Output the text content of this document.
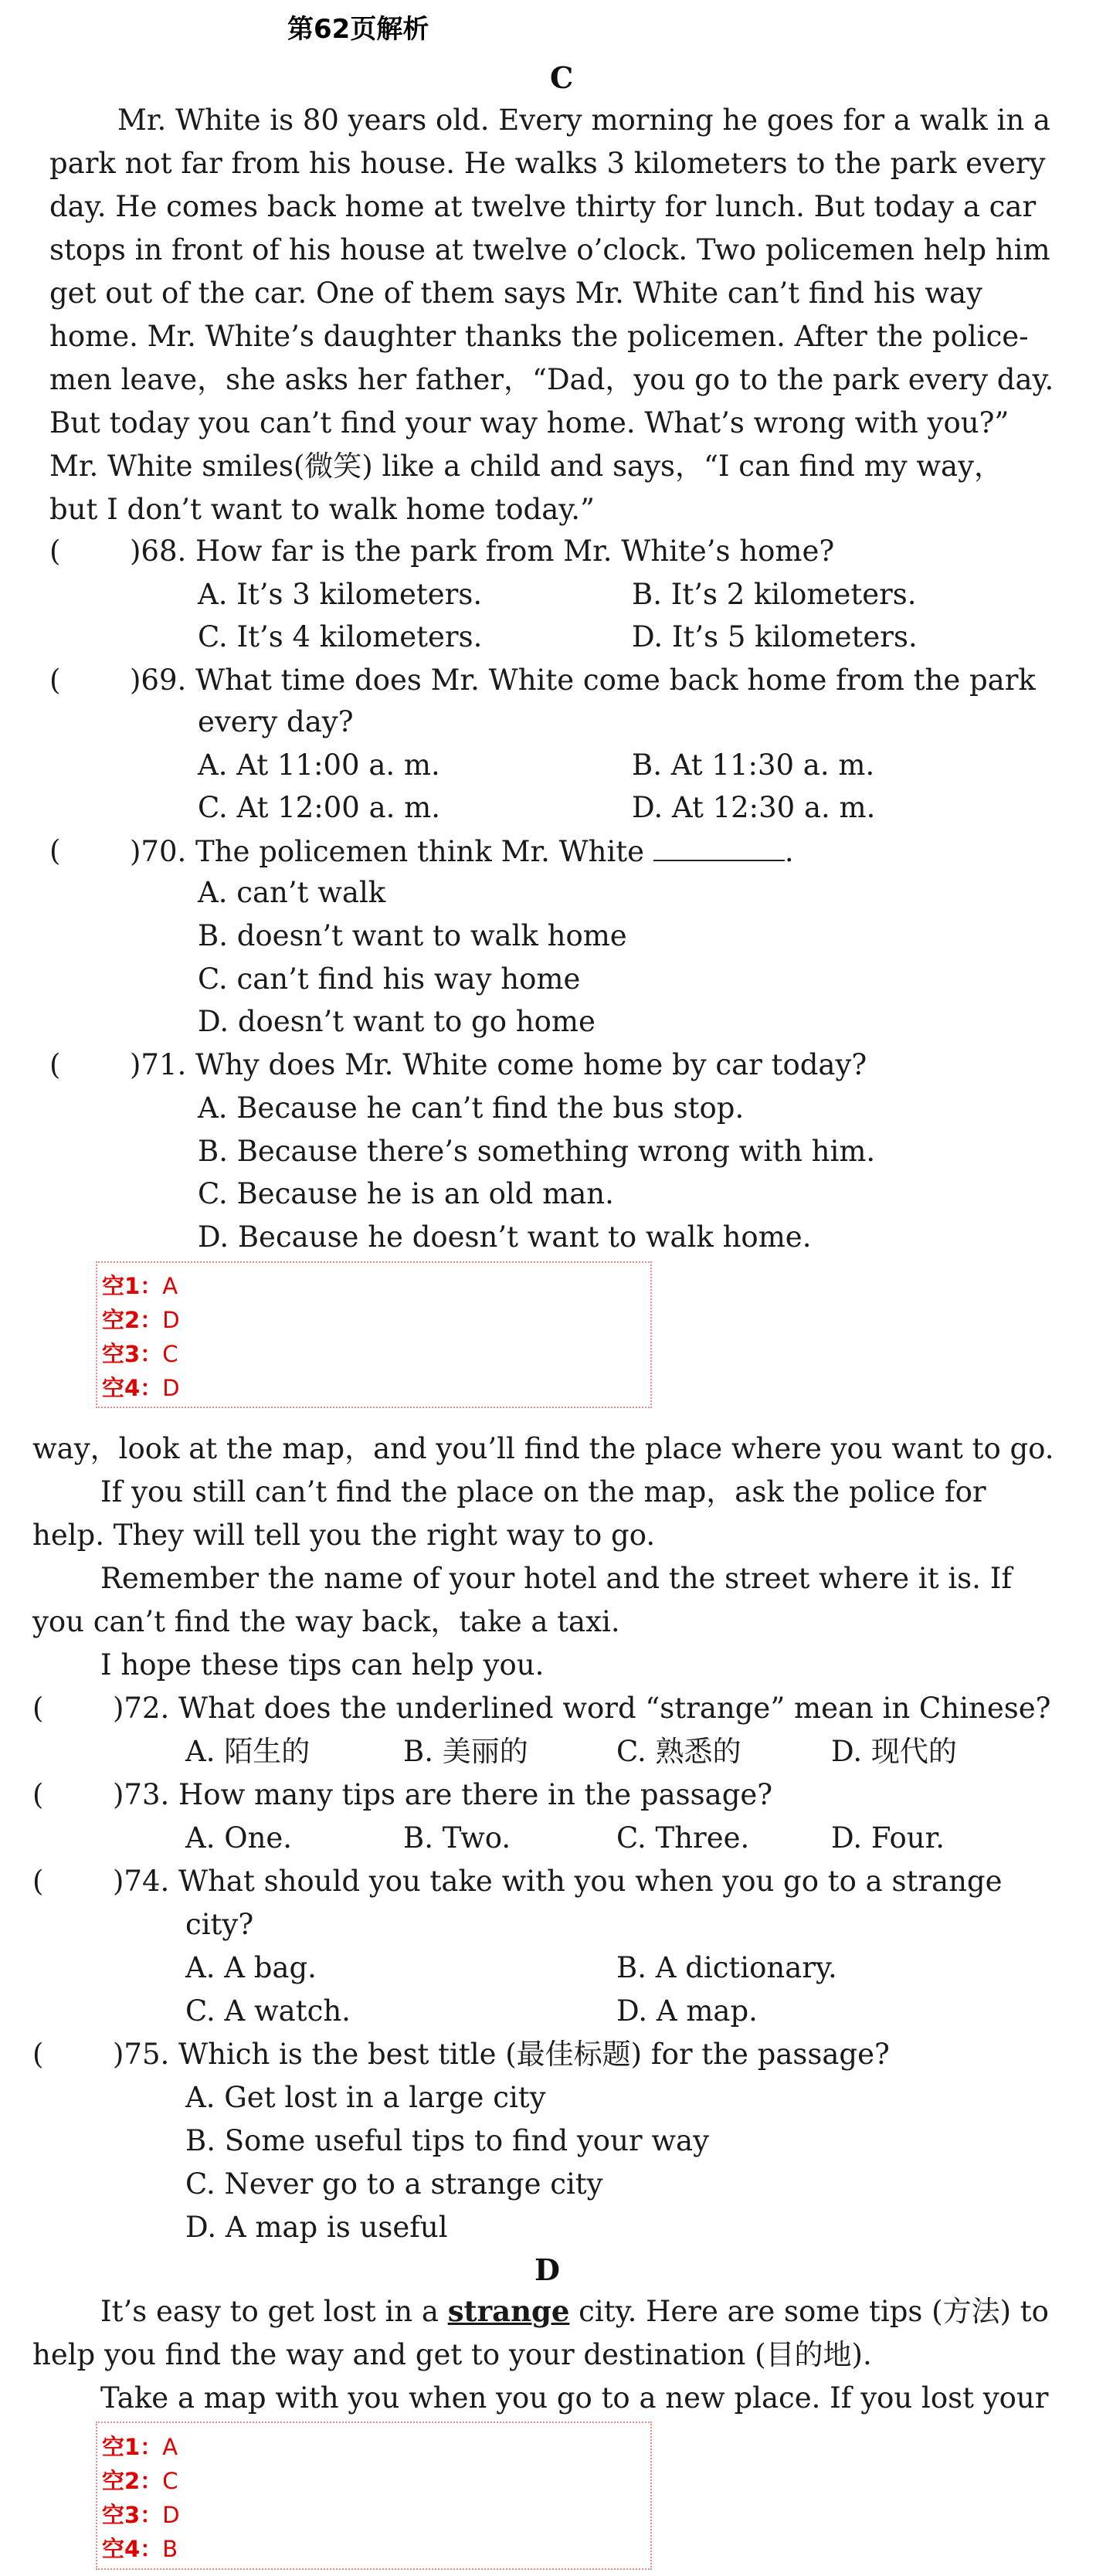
第62页解析
C
Mr. White is 80 years old. Every morning he goes for a walk in a
park not far from his house. He walks 3 kilometers to the park every
day. He comes back home at twelve thirty for lunch. But today a car
stops in front of his house at twelve o’clock. Two policemen help him
get out of the car. One of them says Mr. White can’t find his way
home. Mr. White’s daughter thanks the policemen. After the police-
men leave，she asks her father，“Dad，you go to the park every day.
But today you can’t find your way home. What’s wrong with you?”
Mr. White smiles(微笑) like a child and says，“I can find my way，
but I don’t want to walk home today.”
( )68. How far is the park from Mr. White’s home?
A. It’s 3 kilometers.	B. It’s 2 kilometers.
C. It’s 4 kilometers.	D. It’s 5 kilometers.
( )69. What time does Mr. White come back home from the park
every day?
A. At 11:00 a. m.	B. At 11:30 a. m.
C. At 12:00 a. m.	D. At 12:30 a. m.
( )70. The policemen think Mr. White	.
A. can’t walk
B. doesn’t want to walk home
C. can’t find his way home
D. doesn’t want to go home
( )71. Why does Mr. White come home by car today?
A. Because he can’t find the bus stop.
B. Because there’s something wrong with him.
C. Because he is an old man.
D. Because he doesn’t want to walk home.
空1：A
空2：D
空3：C
空4：D
way，look at the map，and you’ll find the place where you want to go.
If you still can’t find the place on the map，ask the police for
help. They will tell you the right way to go.
Remember the name of your hotel and the street where it is. If
you can’t find the way back，take a taxi.
I hope these tips can help you.
( )72. What does the underlined word “strange” mean in Chinese?
A. 陌生的	B. 美丽的	C. 熟悉的	D. 现代的
( )73. How many tips are there in the passage?
A. One.	B. Two.	C. Three.	D. Four.
( )74. What should you take with you when you go to a strange
city?
A. A bag.	B. A dictionary.
C. A watch.	D. A map.
( )75. Which is the best title (最佳标题) for the passage?
A. Get lost in a large city
B. Some useful tips to find your way
C. Never go to a strange city
D. A map is useful
D
It’s easy to get lost in a strange city. Here are some tips (方法) to
help you find the way and get to your destination (目的地).
Take a map with you when you go to a new place. If you lost your
空1：A
空2：C
空3：D
空4：B
